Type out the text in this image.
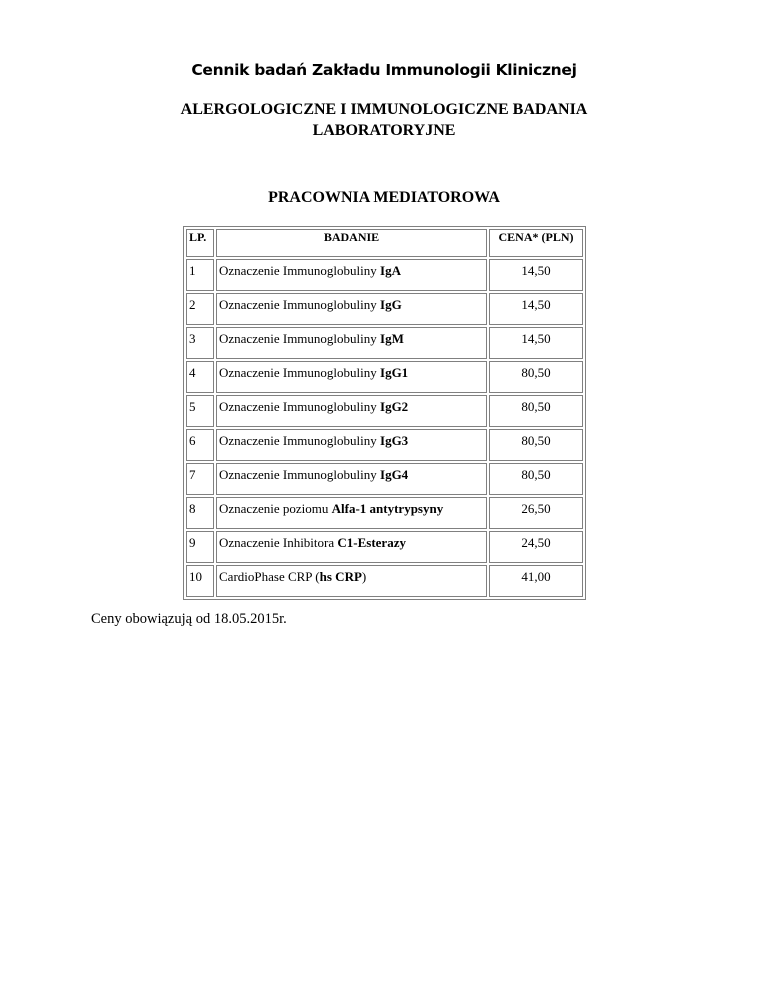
Cennik badań Zakładu Immunologii Klinicznej
ALERGOLOGICZNE I IMMUNOLOGICZNE BADANIA
LABORATORYJNE
PRACOWNIA MEDIATOROWA
LP.	BADANIE	CENA* (PLN)
1	Oznaczenie Immunoglobuliny IgA	14,50
2	Oznaczenie Immunoglobuliny IgG	14,50
3	Oznaczenie Immunoglobuliny IgM	14,50
4	Oznaczenie Immunoglobuliny IgG1	80,50
5	Oznaczenie Immunoglobuliny IgG2	80,50
6	Oznaczenie Immunoglobuliny IgG3	80,50
7	Oznaczenie Immunoglobuliny IgG4	80,50
8	Oznaczenie poziomu Alfa-1 antytrypsyny	26,50
9	Oznaczenie Inhibitora C1-Esterazy	24,50
10	CardioPhase CRP (hs CRP)	41,00
Ceny obowiązują od 18.05.2015r.
